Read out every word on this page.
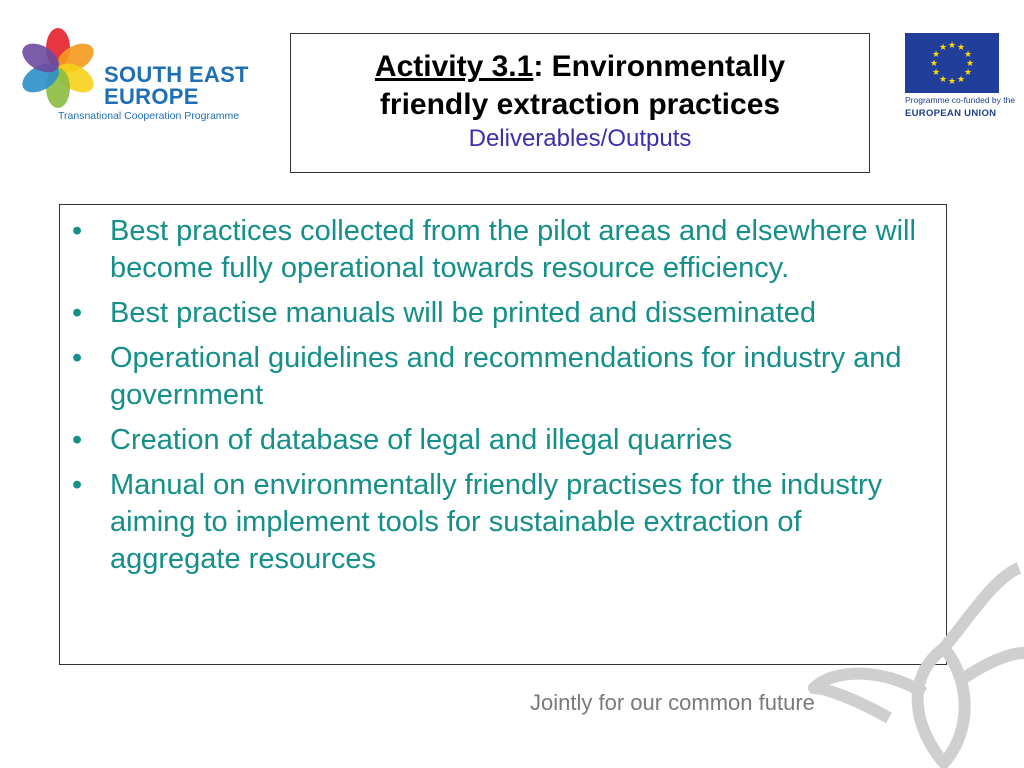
SOUTH EAST
EUROPE
Transnational Cooperation Programme
Activity 3.1: Environmentally
friendly extraction practices
Deliverables/Outputs
★ ★
★
★
★
★
★
★
★
★
★
★
Programme co-funded by the
EUROPEAN UNION
• Best practices collected from the pilot areas and elsewhere will become fully operational towards resource efficiency.
• Best practise manuals will be printed and disseminated
• Operational guidelines and recommendations for industry and government
• Creation of database of legal and illegal quarries
• Manual on environmentally friendly practises for the industry aiming to implement tools for sustainable extraction of aggregate resources
Jointly for our common future
